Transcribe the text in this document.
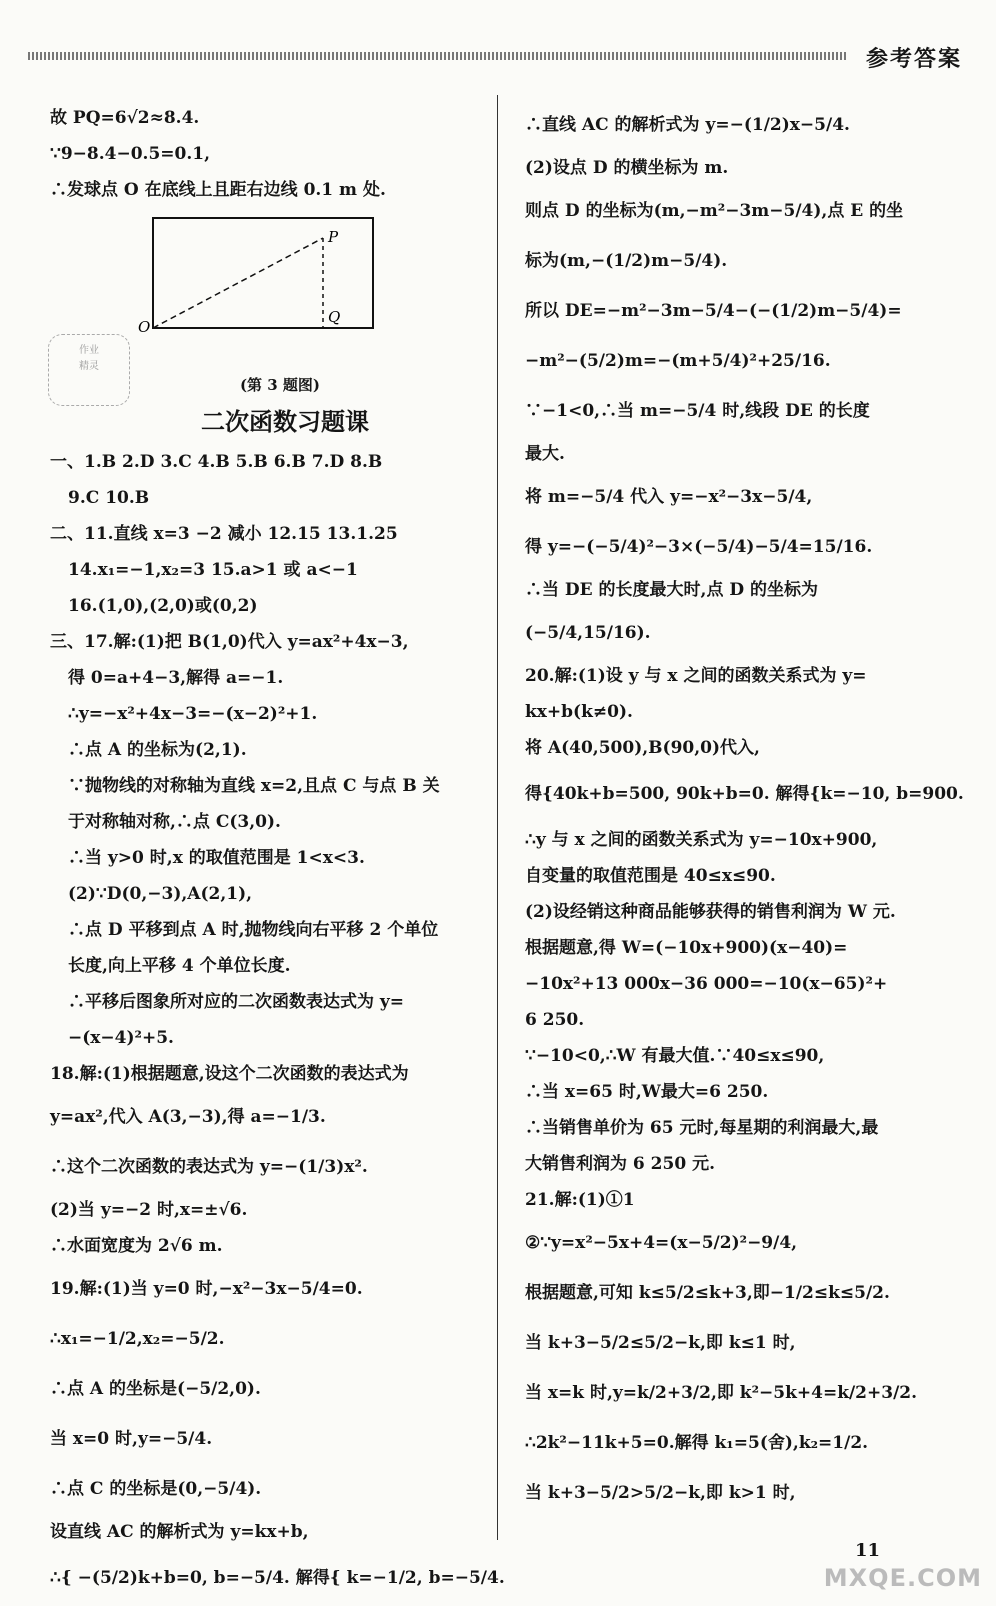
参考答案
作业
精灵
故 PQ=6√2≈8.4.
∵9−8.4−0.5=0.1,
∴发球点 O 在底线上且距右边线 0.1 m 处.
O
P
Q
(第 3 题图)
二次函数习题课
一、1.B 2.D 3.C 4.B 5.B 6.B 7.D 8.B
9.C 10.B
二、11.直线 x=3 −2 减小 12.15 13.1.25
14.x₁=−1,x₂=3 15.a>1 或 a<−1
16.(1,0),(2,0)或(0,2)
三、17.解:(1)把 B(1,0)代入 y=ax²+4x−3,
得 0=a+4−3,解得 a=−1.
∴y=−x²+4x−3=−(x−2)²+1.
∴点 A 的坐标为(2,1).
∵抛物线的对称轴为直线 x=2,且点 C 与点 B 关
于对称轴对称,∴点 C(3,0).
∴当 y>0 时,x 的取值范围是 1<x<3.
(2)∵D(0,−3),A(2,1),
∴点 D 平移到点 A 时,抛物线向右平移 2 个单位
长度,向上平移 4 个单位长度.
∴平移后图象所对应的二次函数表达式为 y=
−(x−4)²+5.
18.解:(1)根据题意,设这个二次函数的表达式为
y=ax²,代入 A(3,−3),得 a=−1/3.
∴这个二次函数的表达式为 y=−(1/3)x².
(2)当 y=−2 时,x=±√6.
∴水面宽度为 2√6 m.
19.解:(1)当 y=0 时,−x²−3x−5/4=0.
∴x₁=−1/2,x₂=−5/2.
∴点 A 的坐标是(−5/2,0).
当 x=0 时,y=−5/4.
∴点 C 的坐标是(0,−5/4).
设直线 AC 的解析式为 y=kx+b,
∴{ −(5/2)k+b=0, b=−5/4. 解得{ k=−1/2, b=−5/4.
∴直线 AC 的解析式为 y=−(1/2)x−5/4.
(2)设点 D 的横坐标为 m.
则点 D 的坐标为(m,−m²−3m−5/4),点 E 的坐
标为(m,−(1/2)m−5/4).
所以 DE=−m²−3m−5/4−(−(1/2)m−5/4)=
−m²−(5/2)m=−(m+5/4)²+25/16.
∵−1<0,∴当 m=−5/4 时,线段 DE 的长度
最大.
将 m=−5/4 代入 y=−x²−3x−5/4,
得 y=−(−5/4)²−3×(−5/4)−5/4=15/16.
∴当 DE 的长度最大时,点 D 的坐标为
(−5/4,15/16).
20.解:(1)设 y 与 x 之间的函数关系式为 y=
kx+b(k≠0).
将 A(40,500),B(90,0)代入,
得{40k+b=500, 90k+b=0. 解得{k=−10, b=900.
∴y 与 x 之间的函数关系式为 y=−10x+900,
自变量的取值范围是 40≤x≤90.
(2)设经销这种商品能够获得的销售利润为 W 元.
根据题意,得 W=(−10x+900)(x−40)=
−10x²+13 000x−36 000=−10(x−65)²+
6 250.
∵−10<0,∴W 有最大值.∵40≤x≤90,
∴当 x=65 时,W最大=6 250.
∴当销售单价为 65 元时,每星期的利润最大,最
大销售利润为 6 250 元.
21.解:(1)①1
②∵y=x²−5x+4=(x−5/2)²−9/4,
根据题意,可知 k≤5/2≤k+3,即−1/2≤k≤5/2.
当 k+3−5/2≤5/2−k,即 k≤1 时,
当 x=k 时,y=k/2+3/2,即 k²−5k+4=k/2+3/2.
∴2k²−11k+5=0.解得 k₁=5(舍),k₂=1/2.
当 k+3−5/2>5/2−k,即 k>1 时,
11
MXQE.COM
